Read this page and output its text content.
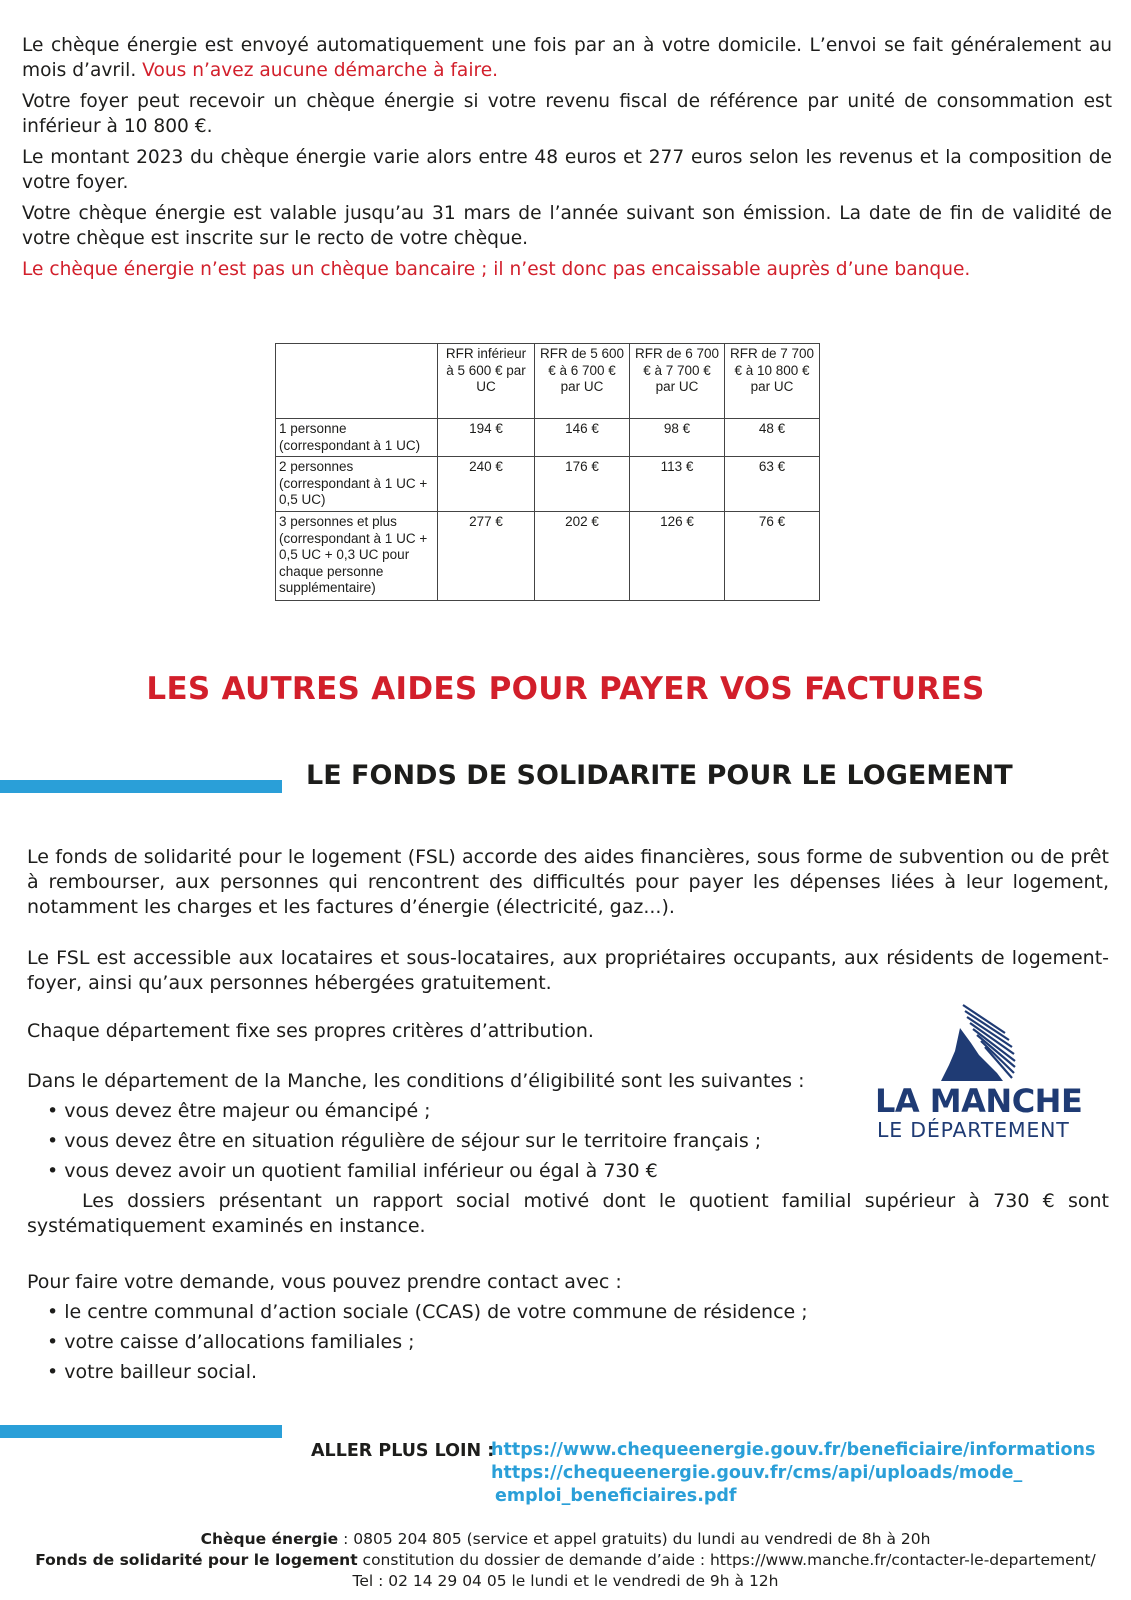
Le chèque énergie est envoyé automatiquement une fois par an à votre domicile. L’envoi se fait généralement au mois d’avril. Vous n’avez aucune démarche à faire.

Votre foyer peut recevoir un chèque énergie si votre revenu fiscal de référence par unité de consommation est inférieur à 10 800 €.

Le montant 2023 du chèque énergie varie alors entre 48 euros et 277 euros selon les revenus et la composition de votre foyer.

Votre chèque énergie est valable jusqu’au 31 mars de l’année suivant son émission. La date de fin de validité de votre chèque est inscrite sur le recto de votre chèque.

Le chèque énergie n’est pas un chèque bancaire ; il n’est donc pas encaissable auprès d’une banque.

	RFR inférieur à 5 600 € par UC	RFR de 5 600 € à 6 700 € par UC	RFR de 6 700 € à 7 700 € par UC	RFR de 7 700 € à 10 800 € par UC
1 personne (correspondant à 1 UC)	194 €	146 €	98 €	48 €
2 personnes (correspondant à 1 UC + 0,5 UC)	240 €	176 €	113 €	63 €
3 personnes et plus (correspondant à 1 UC + 0,5 UC + 0,3 UC pour chaque personne supplémentaire)	277 €	202 €	126 €	76 €
LES AUTRES AIDES POUR PAYER VOS FACTURES
LE FONDS DE SOLIDARITE POUR LE LOGEMENT

Le fonds de solidarité pour le logement (FSL) accorde des aides financières, sous forme de subvention ou de prêt à rembourser, aux personnes qui rencontrent des difficultés pour payer les dépenses liées à leur logement, notamment les charges et les factures d’énergie (électricité, gaz...).

Le FSL est accessible aux locataires et sous-locataires, aux propriétaires occupants, aux résidents de logement-foyer, ainsi qu’aux personnes hébergées gratuitement.

Chaque département fixe ses propres critères d’attribution.

Dans le département de la Manche, les conditions d’éligibilité sont les suivantes :

• vous devez être majeur ou émancipé ;
• vous devez être en situation régulière de séjour sur le territoire français ;
• vous devez avoir un quotient familial inférieur ou égal à 730 €

Les dossiers présentant un rapport social motivé dont le quotient familial supérieur à 730 € sont systématiquement examinés en instance.

Pour faire votre demande, vous pouvez prendre contact avec :

• le centre communal d’action sociale (CCAS) de votre commune de résidence ;
• votre caisse d’allocations familiales ;
• votre bailleur social.
LA MANCHE
LE DÉPARTEMENT
ALLER PLUS LOIN :
https://www.chequeenergie.gouv.fr/beneficiaire/informations
https://chequeenergie.gouv.fr/cms/api/uploads/mode_
emploi_beneficiaires.pdf
Chèque énergie : 0805 204 805 (service et appel gratuits) du lundi au vendredi de 8h à 20h
Fonds de solidarité pour le logement constitution du dossier de demande d’aide : https://www.manche.fr/contacter-le-departement/
Tel : 02 14 29 04 05 le lundi et le vendredi de 9h à 12h
